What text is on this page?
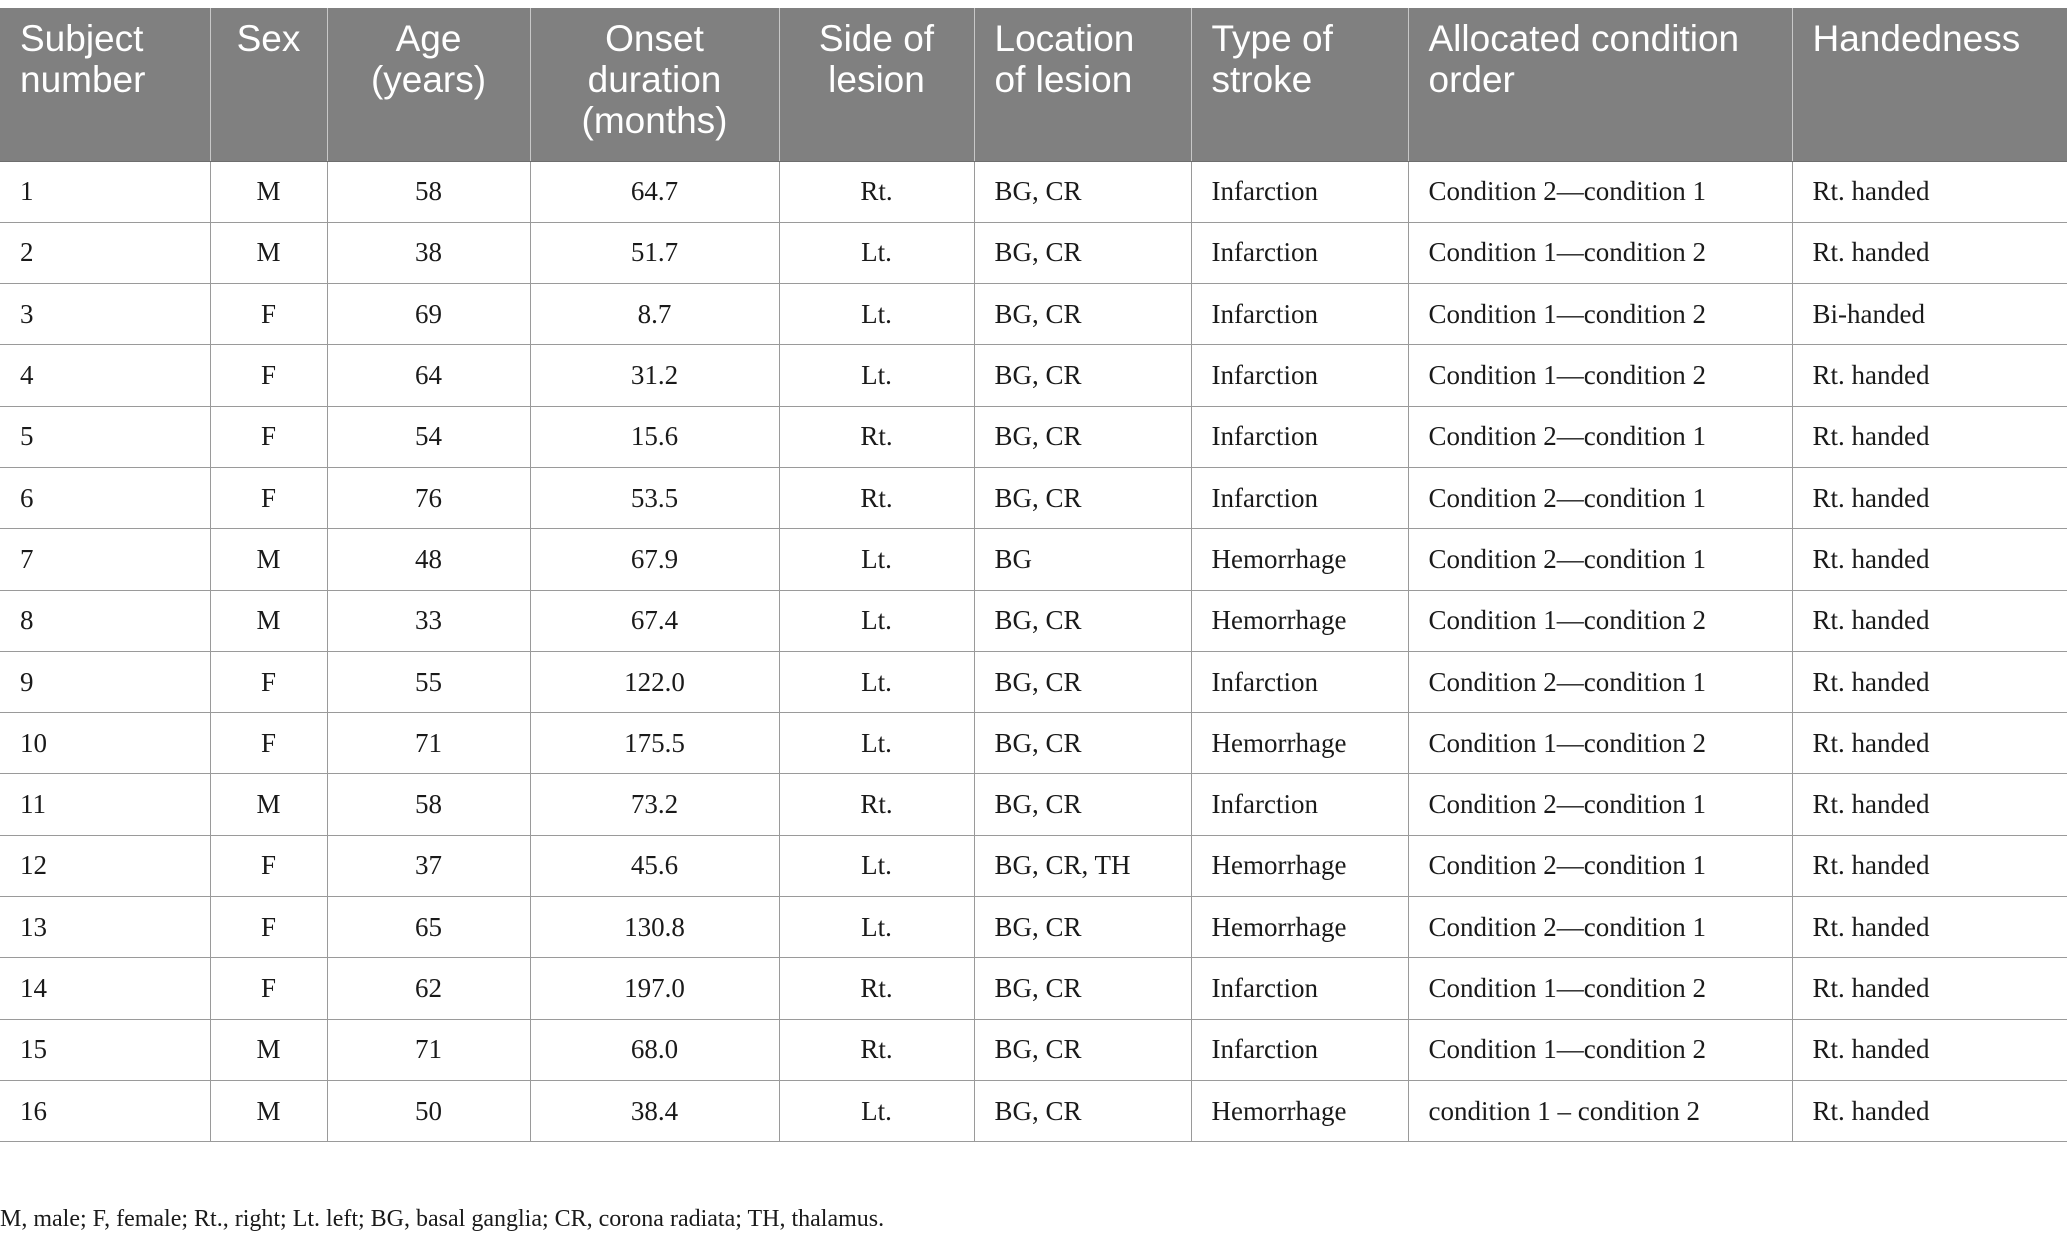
Subject number	Sex	Age (years)	Onset duration (months)	Side of lesion	Location of lesion	Type of stroke	Allocated condition order	Handedness
1	M	58	64.7	Rt.	BG, CR	Infarction	Condition 2—condition 1	Rt. handed
2	M	38	51.7	Lt.	BG, CR	Infarction	Condition 1—condition 2	Rt. handed
3	F	69	8.7	Lt.	BG, CR	Infarction	Condition 1—condition 2	Bi-handed
4	F	64	31.2	Lt.	BG, CR	Infarction	Condition 1—condition 2	Rt. handed
5	F	54	15.6	Rt.	BG, CR	Infarction	Condition 2—condition 1	Rt. handed
6	F	76	53.5	Rt.	BG, CR	Infarction	Condition 2—condition 1	Rt. handed
7	M	48	67.9	Lt.	BG	Hemorrhage	Condition 2—condition 1	Rt. handed
8	M	33	67.4	Lt.	BG, CR	Hemorrhage	Condition 1—condition 2	Rt. handed
9	F	55	122.0	Lt.	BG, CR	Infarction	Condition 2—condition 1	Rt. handed
10	F	71	175.5	Lt.	BG, CR	Hemorrhage	Condition 1—condition 2	Rt. handed
11	M	58	73.2	Rt.	BG, CR	Infarction	Condition 2—condition 1	Rt. handed
12	F	37	45.6	Lt.	BG, CR, TH	Hemorrhage	Condition 2—condition 1	Rt. handed
13	F	65	130.8	Lt.	BG, CR	Hemorrhage	Condition 2—condition 1	Rt. handed
14	F	62	197.0	Rt.	BG, CR	Infarction	Condition 1—condition 2	Rt. handed
15	M	71	68.0	Rt.	BG, CR	Infarction	Condition 1—condition 2	Rt. handed
16	M	50	38.4	Lt.	BG, CR	Hemorrhage	condition 1 – condition 2	Rt. handed
M, male; F, female; Rt., right; Lt. left; BG, basal ganglia; CR, corona radiata; TH, thalamus.
